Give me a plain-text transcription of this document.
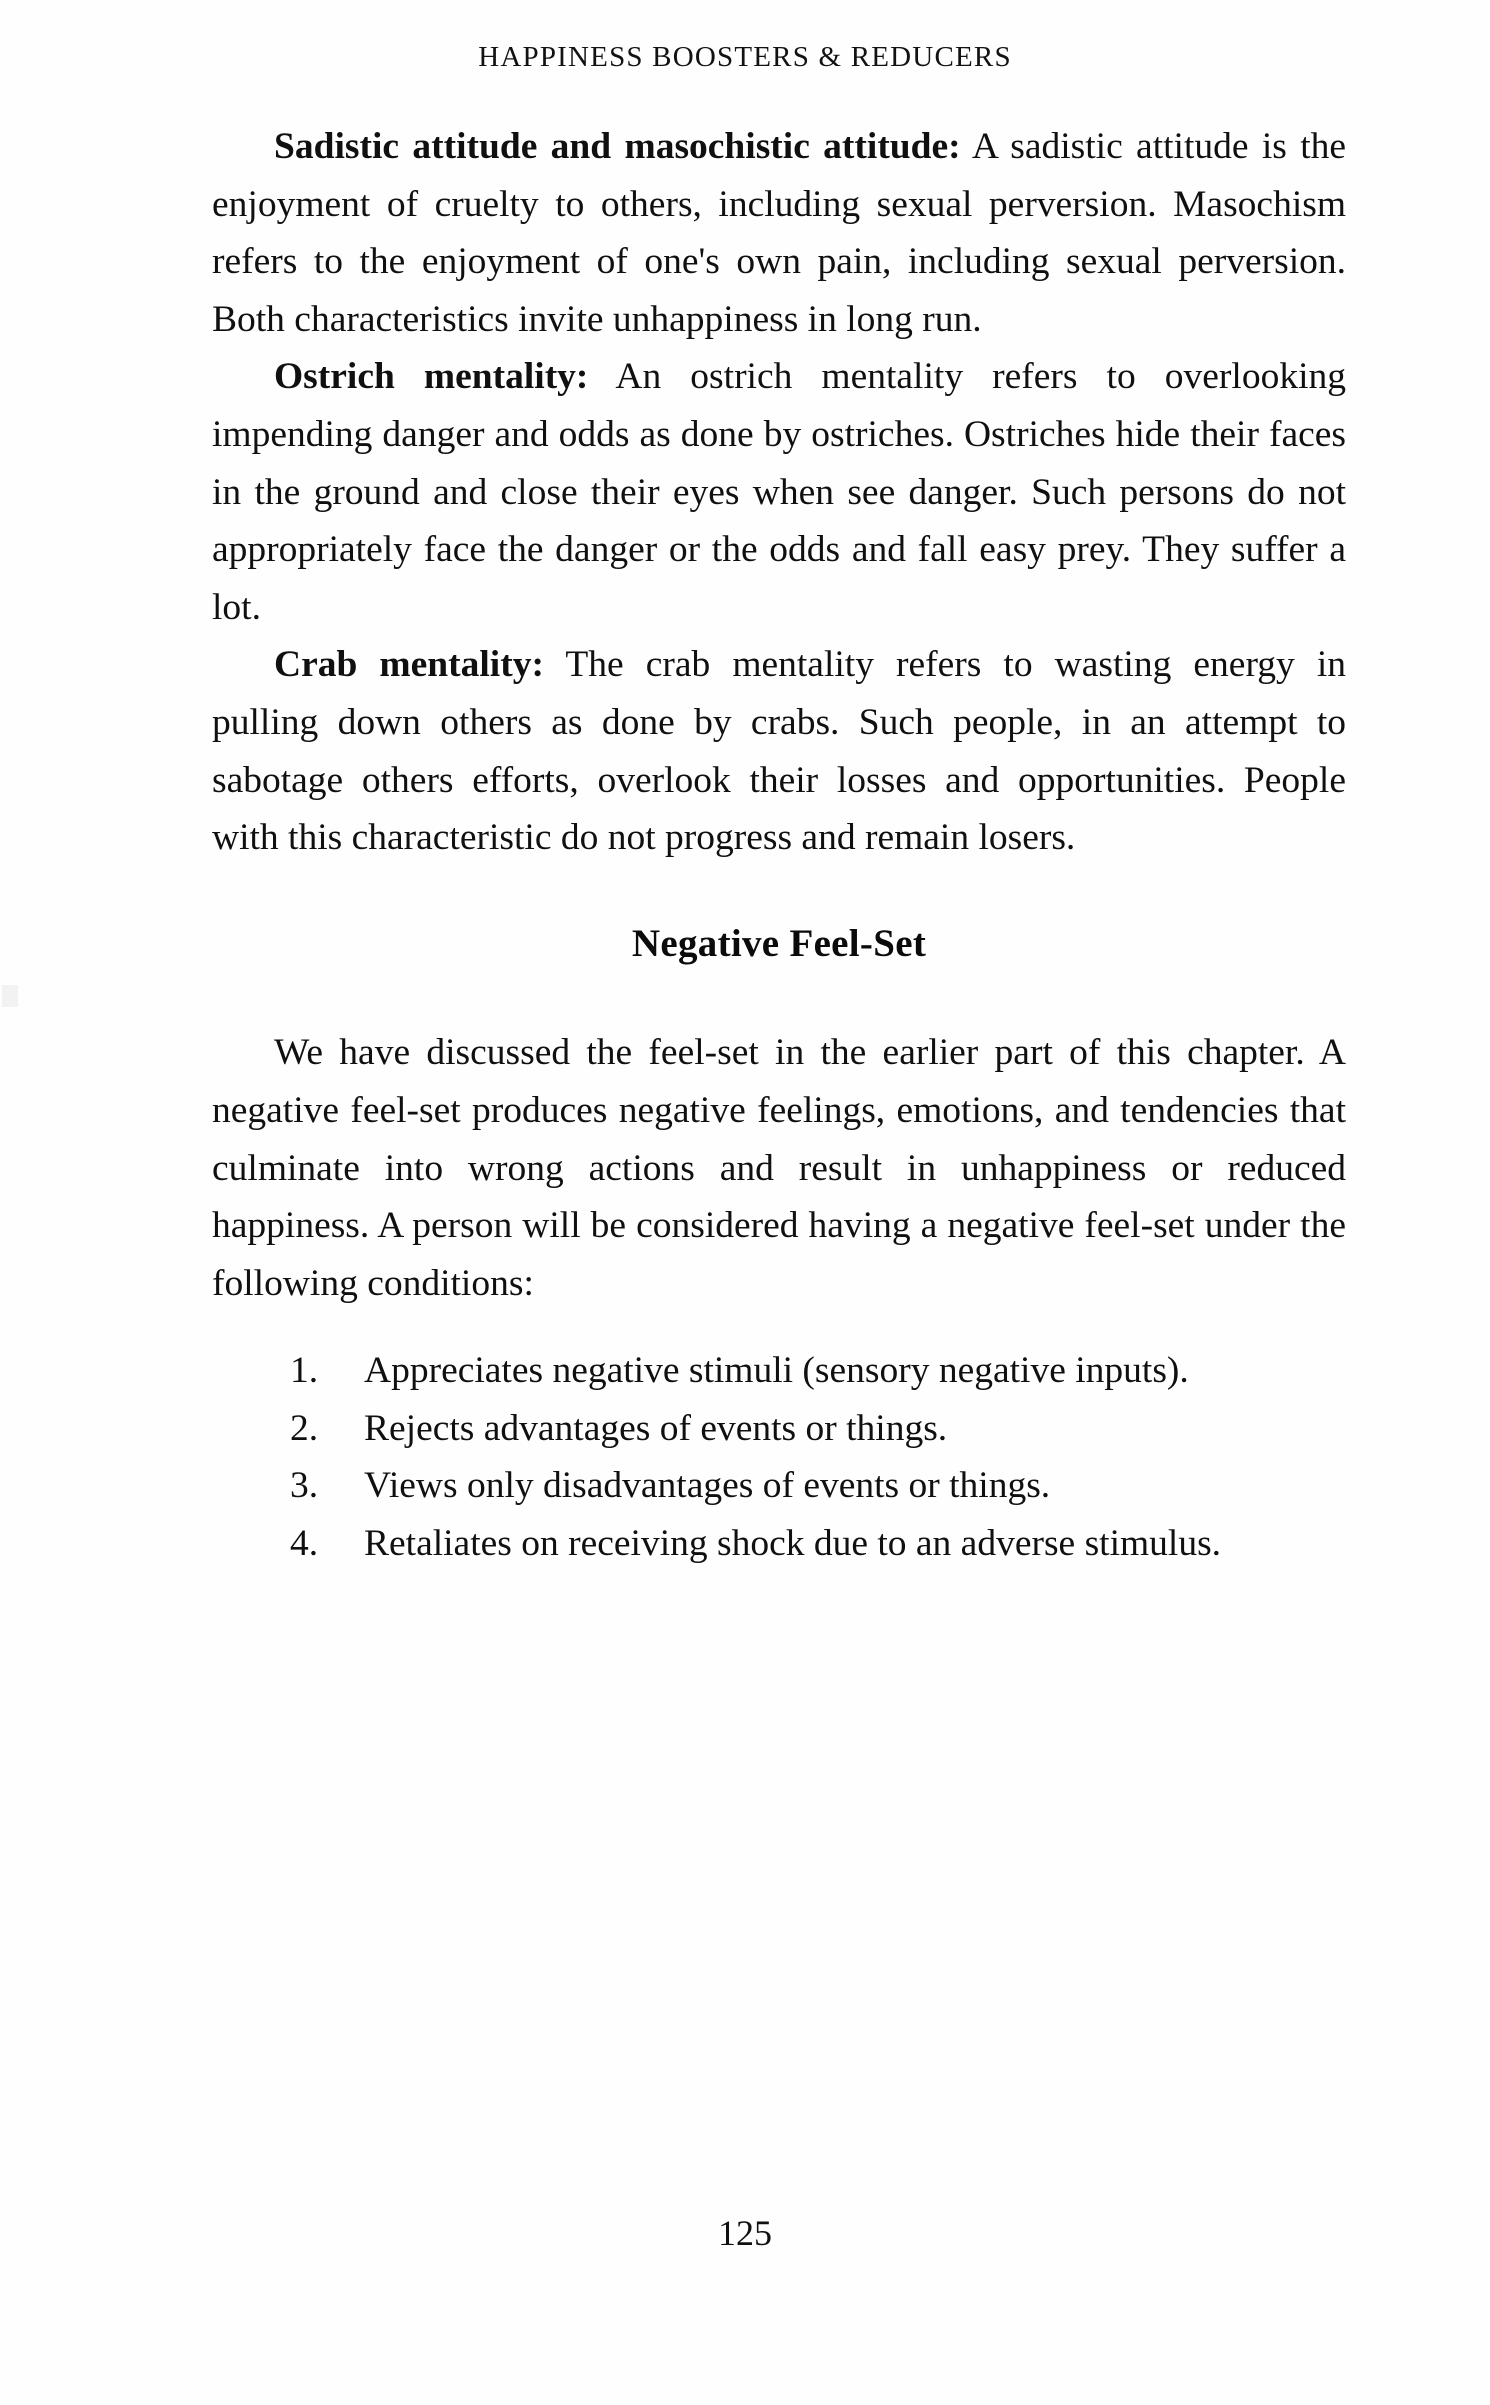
HAPPINESS BOOSTERS & REDUCERS

Sadistic attitude and masochistic attitude: A sadistic attitude is the enjoyment of cruelty to others, including sexual perversion. Masochism refers to the enjoyment of one's own pain, including sexual perversion. Both characteristics invite unhappiness in long run.

Ostrich mentality: An ostrich mentality refers to overlooking impending danger and odds as done by ostriches. Ostriches hide their faces in the ground and close their eyes when see danger. Such persons do not appropriately face the danger or the odds and fall easy prey. They suffer a lot.

Crab mentality: The crab mentality refers to wasting energy in pulling down others as done by crabs. Such people, in an attempt to sabotage others efforts, overlook their losses and opportunities. People with this characteristic do not progress and remain losers.

Negative Feel-Set

We have discussed the feel-set in the earlier part of this chapter. A negative feel-set produces negative feelings, emotions, and tendencies that culminate into wrong actions and result in unhappiness or reduced happiness. A person will be considered having a negative feel-set under the following conditions:

1.	Appreciates negative stimuli (sensory negative inputs).
2.	Rejects advantages of events or things.
3.	Views only disadvantages of events or things.
4.	Retaliates on receiving shock due to an adverse stimulus.
125
